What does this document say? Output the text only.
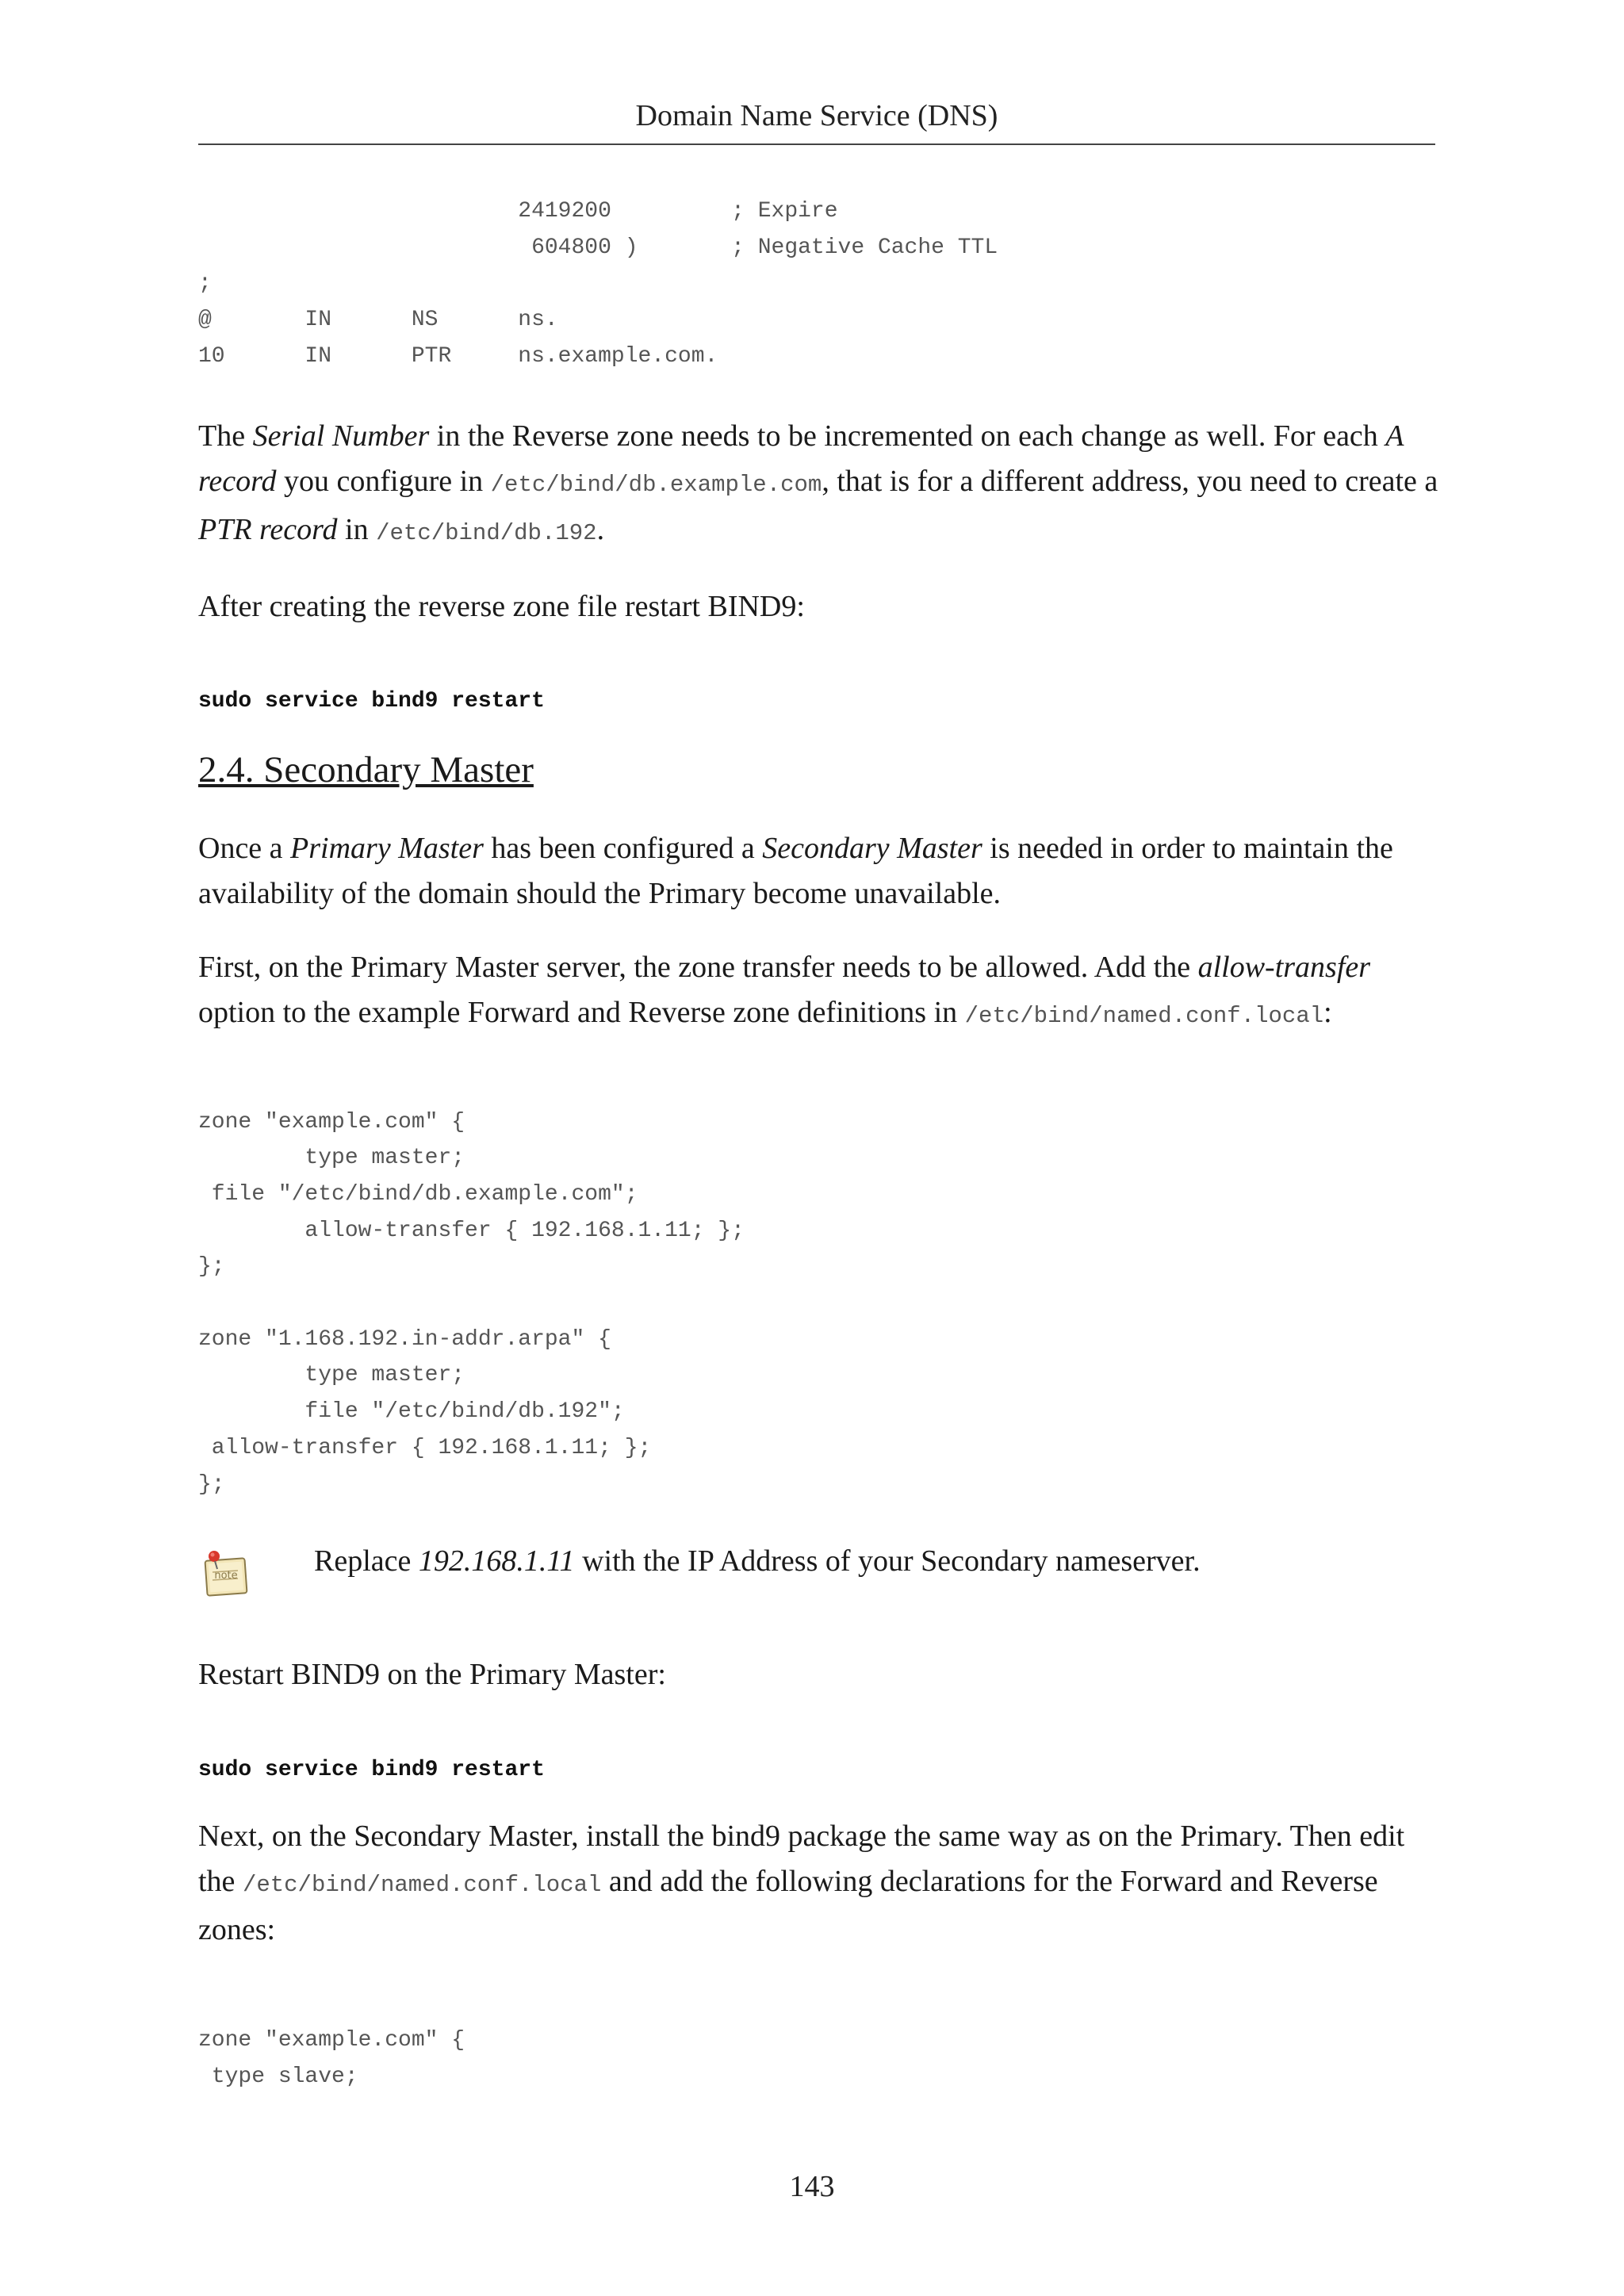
Domain Name Service (DNS)
2419200         ; Expire
604800 )       ; Negative Cache TTL
;
@       IN      NS      ns.
10      IN      PTR     ns.example.com.

The Serial Number in the Reverse zone needs to be incremented on each change as well. For each A record you configure in /etc/bind/db.example.com, that is for a different address, you need to create a PTR record in /etc/bind/db.192.

After creating the reverse zone file restart BIND9:

sudo service bind9 restart
2.4. Secondary Master

Once a Primary Master has been configured a Secondary Master is needed in order to maintain the availability of the domain should the Primary become unavailable.

First, on the Primary Master server, the zone transfer needs to be allowed. Add the allow-transfer option to the example Forward and Reverse zone definitions in /etc/bind/named.conf.local:

zone "example.com" {
type master;
file "/etc/bind/db.example.com";
allow-transfer { 192.168.1.11; };
};

zone "1.168.192.in-addr.arpa" {
type master;
file "/etc/bind/db.192";
allow-transfer { 192.168.1.11; };
};
note	Replace 192.168.1.11 with the IP Address of your Secondary nameserver.

Restart BIND9 on the Primary Master:

sudo service bind9 restart

Next, on the Secondary Master, install the bind9 package the same way as on the Primary. Then edit the /etc/bind/named.conf.local and add the following declarations for the Forward and Reverse zones:

zone "example.com" {
type slave;
143
